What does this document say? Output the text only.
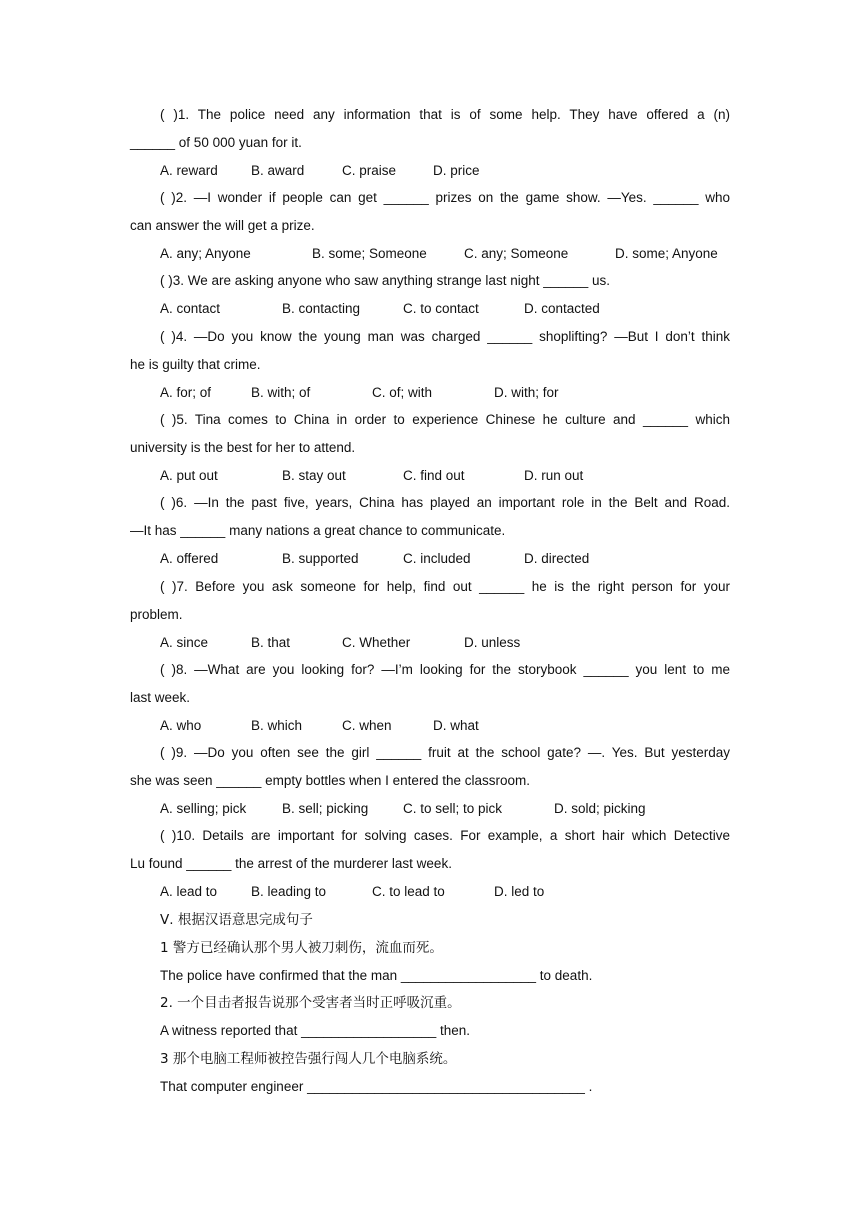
( )1. The police need any information that is of some help. They have offered a (n)
______ of 50 000 yuan for it.
A. reward B. award	C. praise	D. price
( )2. —I wonder if people can get ______ prizes on the game show. —Yes. ______ who
can answer the will get a prize.
A. any; Anyone	B. some; Someone	C. any; Someone	D. some; Anyone
( )3. We are asking anyone who saw anything strange last night ______ us.
A. contact	B. contacting	C. to contact	D. contacted
( )4. —Do you know the young man was charged ______ shoplifting? —But I don’t think
he is guilty that crime.
A. for; of	B. with; of	C. of; with	D. with; for
( )5. Tina comes to China in order to experience Chinese he culture and ______ which
university is the best for her to attend.
A. put out	B. stay out	C. find out	D. run out
( )6. —In the past five, years, China has played an important role in the Belt and Road.
—It has ______ many nations a great chance to communicate.
A. offered	B. supported	C. included	D. directed
( )7. Before you ask someone for help, find out ______ he is the right person for your
problem.
A. since	B. that	C. Whether	D. unless
( )8. —What are you looking for? —I’m looking for the storybook ______ you lent to me
last week.
A. who	B. which	C. when	D. what
( )9. —Do you often see the girl ______ fruit at the school gate? —. Yes. But yesterday
she was seen ______ empty bottles when I entered the classroom.
A. selling; pick	B. sell; picking	C. to sell; to pick	D. sold; picking
( )10. Details are important for solving cases. For example, a short hair which Detective
Lu found ______ the arrest of the murderer last week.
A. lead to	B. leading to	C. to lead to	D. led to
Ⅴ. 根据汉语意思完成句子
1 警方已经确认那个男人被刀刺伤，流血而死。
The police have confirmed that the man __________________ to death.
2. 一个目击者报告说那个受害者当时正呼吸沉重。
A witness reported that __________________ then.
3 那个电脑工程师被控告强行闯人几个电脑系统。
That computer engineer _____________________________________ .
